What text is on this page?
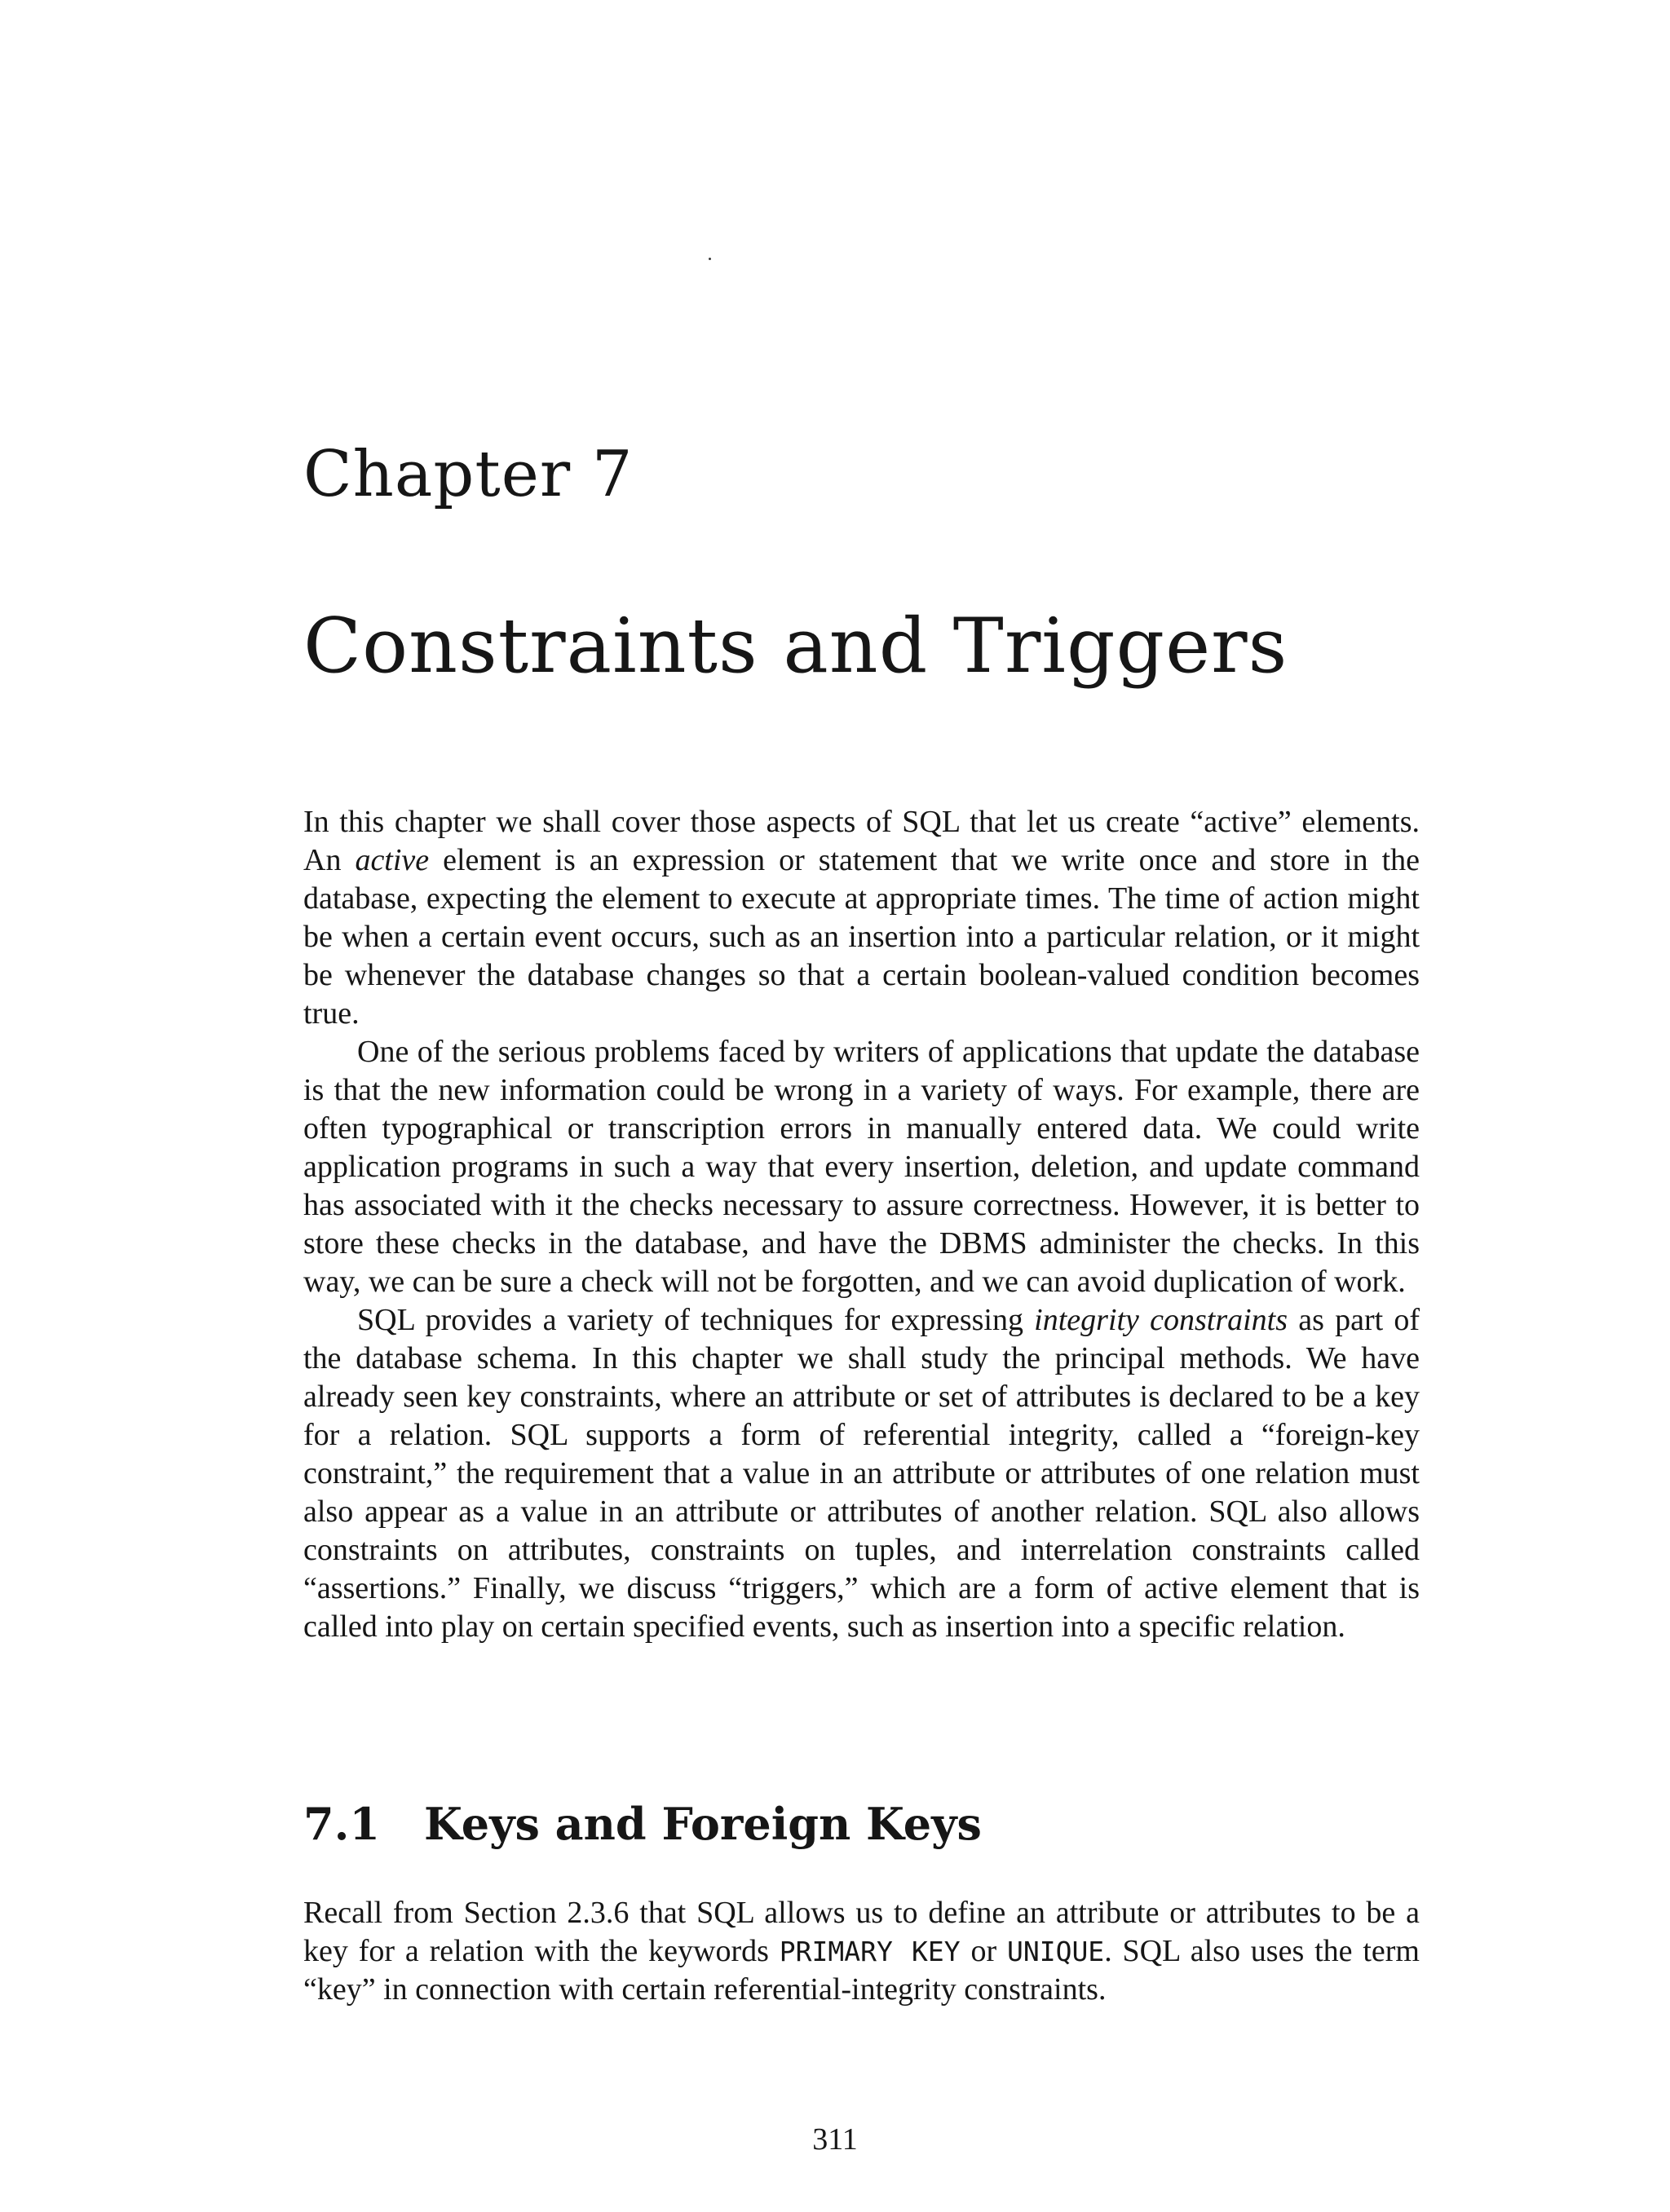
Chapter 7
Constraints and Triggers

In this chapter we shall cover those aspects of SQL that let us create “active” elements. An active element is an expression or statement that we write once and store in the database, expecting the element to execute at appropriate times. The time of action might be when a certain event occurs, such as an insertion into a particular relation, or it might be whenever the database changes so that a certain boolean-valued condition becomes true.

One of the serious problems faced by writers of applications that update the database is that the new information could be wrong in a variety of ways. For example, there are often typographical or transcription errors in manually entered data. We could write application programs in such a way that every insertion, deletion, and update command has associated with it the checks necessary to assure correctness. However, it is better to store these checks in the database, and have the DBMS administer the checks. In this way, we can be sure a check will not be forgotten, and we can avoid duplication of work.

SQL provides a variety of techniques for expressing integrity constraints as part of the database schema. In this chapter we shall study the principal methods. We have already seen key constraints, where an attribute or set of attributes is declared to be a key for a relation. SQL supports a form of referential integrity, called a “foreign-key constraint,” the requirement that a value in an attribute or attributes of one relation must also appear as a value in an attribute or attributes of another relation. SQL also allows constraints on attributes, constraints on tuples, and interrelation constraints called “assertions.” Finally, we discuss “triggers,” which are a form of active element that is called into play on certain specified events, such as insertion into a specific relation.

7.1 Keys and Foreign Keys

Recall from Section 2.3.6 that SQL allows us to define an attribute or attributes to be a key for a relation with the keywords PRIMARY KEY or UNIQUE. SQL also uses the term “key” in connection with certain referential-integrity constraints.

311
